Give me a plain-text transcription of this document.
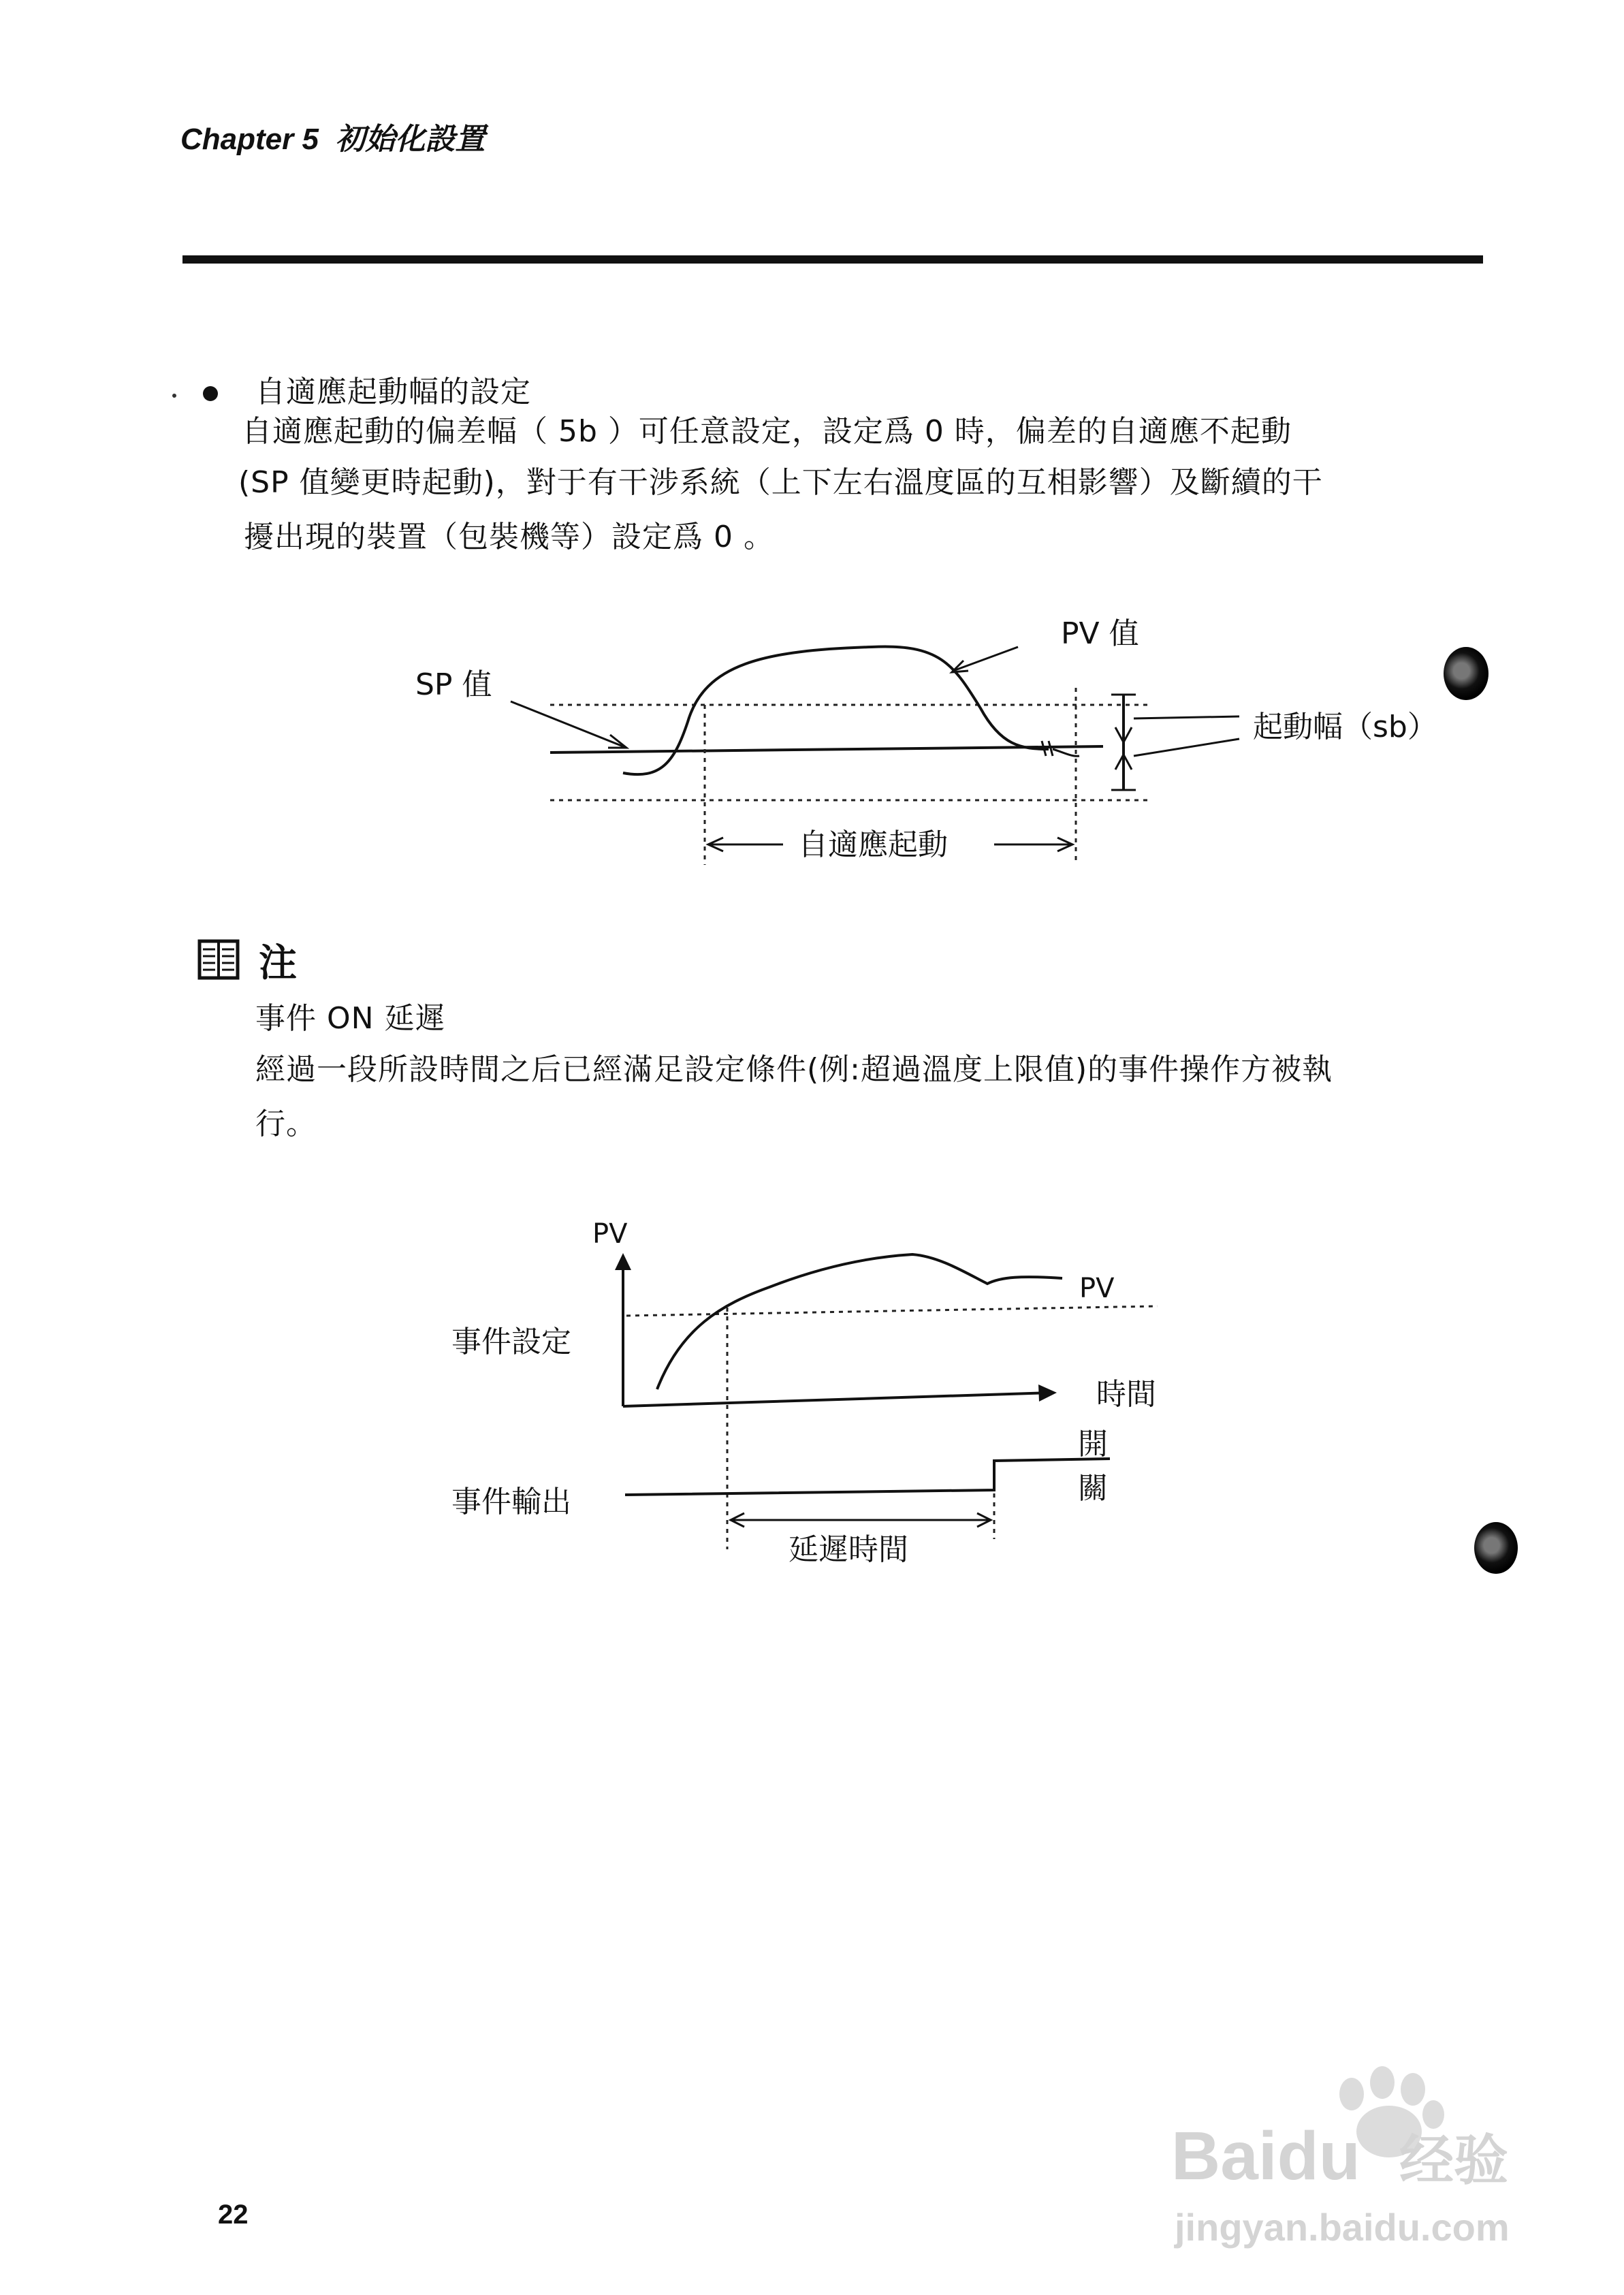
Chapter 5 初始化設置
自適應起動幅的設定
自適應起動的偏差幅（ 5b ）可任意設定，設定爲 0 時，偏差的自適應不起動
(SP 值變更時起動)，對于有干涉系統（上下左右溫度區的互相影響）及斷續的干
擾出現的裝置（包裝機等）設定爲 0 。
PV 值
SP 值
起動幅（sb）
自適應起動
注
事件 ON 延遲
經過一段所設時間之后已經滿足設定條件(例:超過溫度上限值)的事件操作方被執
行。
PV
PV
事件設定
時間
開
關
事件輸出
延遲時間
22
Baidu 经验
jingyan.baidu.com
